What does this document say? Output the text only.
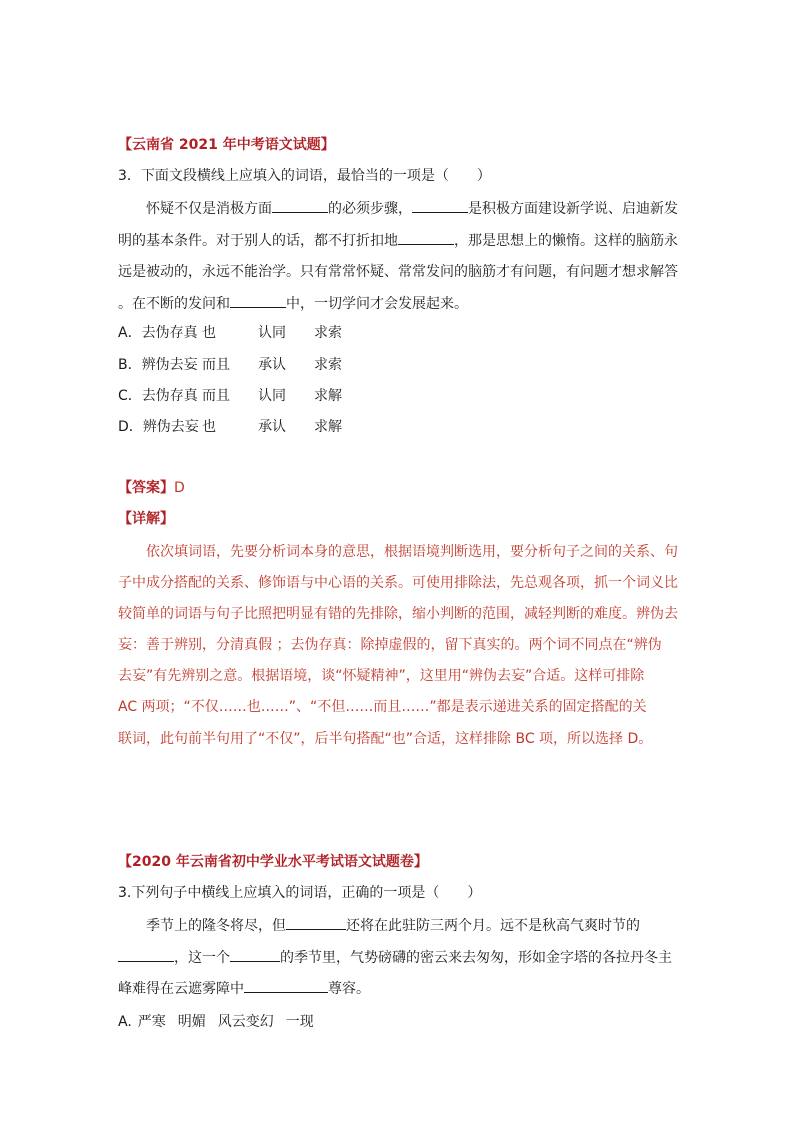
【云南省 2021 年中考语文试题】
3．下面文段横线上应填入的词语，最恰当的一项是（　　）
怀疑不仅是消极方面	的必须步骤，	是积极方面建设新学说、启迪新发
明的基本条件。对于别人的话，都不打折扣地	，那是思想上的懒惰。这样的脑筋永
远是被动的，永远不能治学。只有常常怀疑、常常发问的脑筋才有问题，有问题才想求解答
。在不断的发问和	中，一切学问才会发展起来。
A．去伪存真 也	认同 求索
B．辨伪去妄 而且 承认 求索
C．去伪存真 而且 认同 求解
D．辨伪去妄 也	承认 求解
【答案】D
【详解】
依次填词语，先要分析词本身的意思，根据语境判断选用，要分析句子之间的关系、句
子中成分搭配的关系、修饰语与中心语的关系。可使用排除法，先总观各项，抓一个词义比
较简单的词语与句子比照把明显有错的先排除，缩小判断的范围，减轻判断的难度。辨伪去
妄：善于辨别，分清真假 ；去伪存真：除掉虚假的，留下真实的。两个词不同点在“辨伪
去妄”有先辨别之意。根据语境，谈“怀疑精神”，这里用“辨伪去妄”合适。这样可排除
AC 两项；“不仅……也……”、“不但……而且……”都是表示递进关系的固定搭配的关
联词，此句前半句用了“不仅”，后半句搭配“也”合适，这样排除 BC 项，所以选择 D。
【2020 年云南省初中学业水平考试语文试题卷】
3.下列句子中横线上应填入的词语，正确的一项是（　　）
季节上的隆冬将尽，但	还将在此驻防三两个月。远不是秋高气爽时节的
，这一个	的季节里，气势磅礴的密云来去匆匆，形如金字塔的各拉丹冬主
峰难得在云遮雾障中	尊容。
A. 严寒 明媚 风云变幻 一现
